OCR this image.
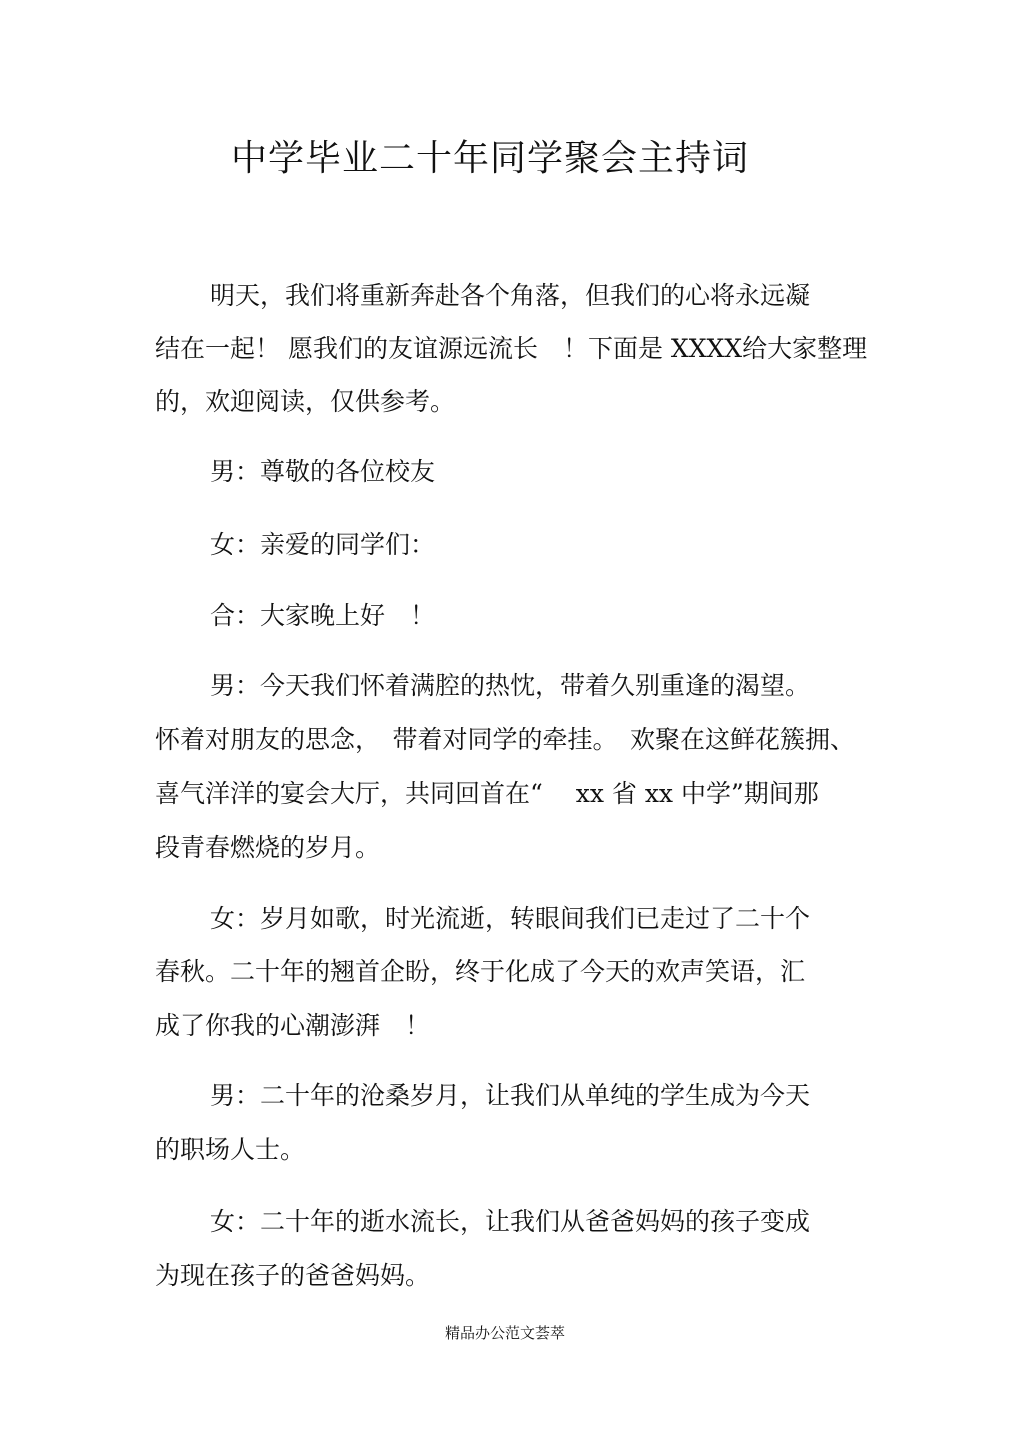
中学毕业二十年同学聚会主持词
明天，我们将重新奔赴各个角落，但我们的心将永远凝
结在一起！ 愿我们的友谊源远流长　！下面是 XXXX给大家整理
的，欢迎阅读，仅供参考。
男：尊敬的各位校友
女：亲爱的同学们：
合：大家晚上好　！
男：今天我们怀着满腔的热忱，带着久别重逢的渴望。
怀着对朋友的思念，　带着对同学的牵挂。　欢聚在这鲜花簇拥、
喜气洋洋的宴会大厅，共同回首在“　 xx 省 xx 中学”期间那
段青春燃烧的岁月。
女：岁月如歌，时光流逝，转眼间我们已走过了二十个
春秋。二十年的翘首企盼，终于化成了今天的欢声笑语，汇
成了你我的心潮澎湃　！
男：二十年的沧桑岁月，让我们从单纯的学生成为今天
的职场人士。
女：二十年的逝水流长，让我们从爸爸妈妈的孩子变成
为现在孩子的爸爸妈妈。
精品办公范文荟萃
